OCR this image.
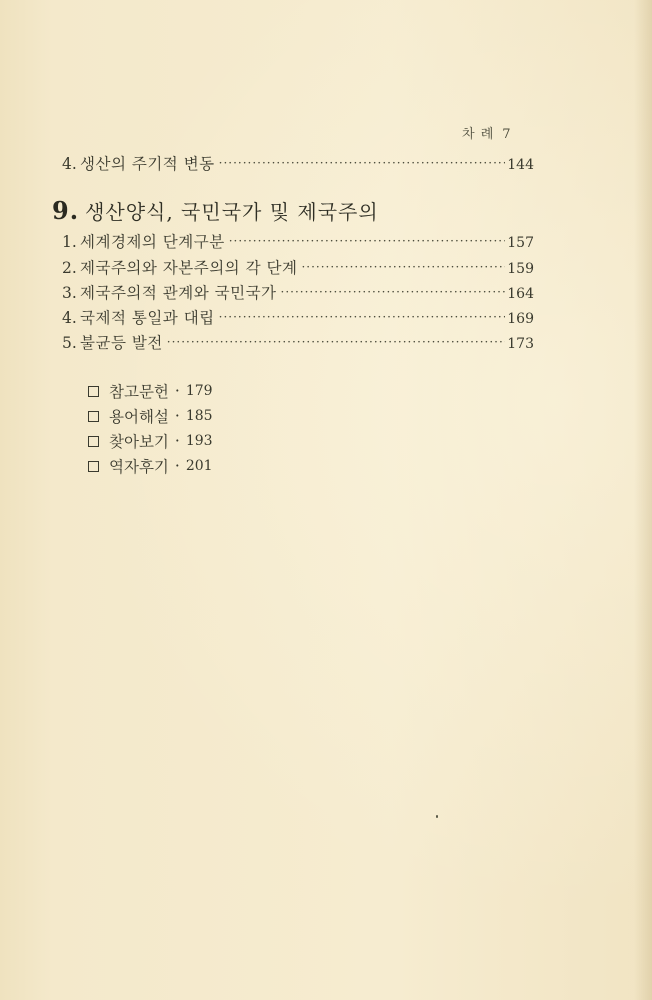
차 례 7
4. 생산의 주기적 변동 ·····	144
9. 생산양식, 국민국가 및 제국주의
1. 세계경제의 단계구분 ·····	157
2. 제국주의와 자본주의의 각 단계 ·····	159
3. 제국주의적 관계와 국민국가 ·····	164
4. 국제적 통일과 대립 ·····	169
5. 불균등 발전 ·····	173
참고문헌 · 179
용어해설 · 185
찾아보기 · 193
역자후기 · 201
